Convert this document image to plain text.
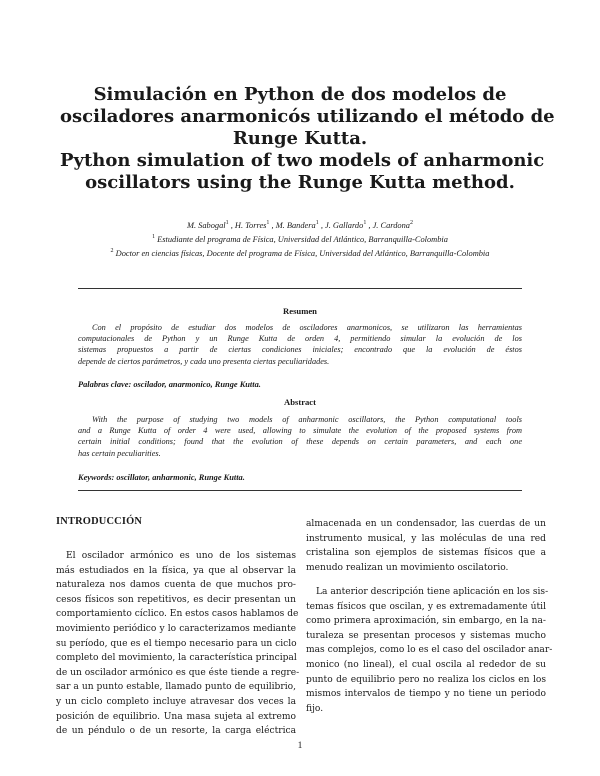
Simulación en Python de dos modelos de
osciladores anarmonicós utilizando el método de
Runge Kutta.
Python simulation of two models of anharmonic
oscillators using the Runge Kutta method.
M. Sabogal$^1$ , H. Torres$^1$ , M. Bandera$^1$ , J. Gallardo$^1$ , J. Cardona$^2$
$^1$ Estudiante del programa de Física, Universidad del Atlántico, Barranquilla-Colombia
$^2$ Doctor en ciencias físicas, Docente del programa de Física, Universidad del Atlántico, Barranquilla-Colombia
Resumen
Con el propósito de estudiar dos modelos de osciladores anarmonicos, se utilizaron las herramientas
computacionales de Python y un Runge Kutta de orden 4, permitiendo simular la evolución de los
sistemas propuestos a partir de ciertas condiciones iniciales; encontrado que la evolución de éstos
depende de ciertos parámetros, y cada uno presenta ciertas peculiaridades.
Palabras clave: oscilador, anarmonico, Runge Kutta.
Abstract
With the purpose of studying two models of anharmonic oscillators, the Python computational tools
and a Runge Kutta of order 4 were used, allowing to simulate the evolution of the proposed systems from
certain initial conditions; found that the evolution of these depends on certain parameters, and each one
has certain peculiarities.
Keywords: oscillator, anharmonic, Runge Kutta.
INTRODUCCIÓN
El oscilador armónico es uno de los sistemas
más estudiados en la física, ya que al observar la
naturaleza nos damos cuenta de que muchos pro-
cesos físicos son repetitivos, es decir presentan un
comportamiento cíclico. En estos casos hablamos de
movimiento periódico y lo caracterizamos mediante
su período, que es el tiempo necesario para un ciclo
completo del movimiento, la característica principal
de un oscilador armónico es que éste tiende a regre-
sar a un punto estable, llamado punto de equilibrio,
y un ciclo completo incluye atravesar dos veces la
posición de equilibrio. Una masa sujeta al extremo
de un péndulo o de un resorte, la carga eléctrica
almacenada en un condensador, las cuerdas de un
instrumento musical, y las moléculas de una red
cristalina son ejemplos de sistemas físicos que a
menudo realizan un movimiento oscilatorio.
La anterior descripción tiene aplicación en los sis-
temas físicos que oscilan, y es extremadamente útil
como primera aproximación, sin embargo, en la na-
turaleza se presentan procesos y sistemas mucho
mas complejos, como lo es el caso del oscilador anar-
monico (no lineal), el cual oscila al rededor de su
punto de equilibrio pero no realiza los ciclos en los
mismos intervalos de tiempo y no tiene un periodo
fijo.
1
